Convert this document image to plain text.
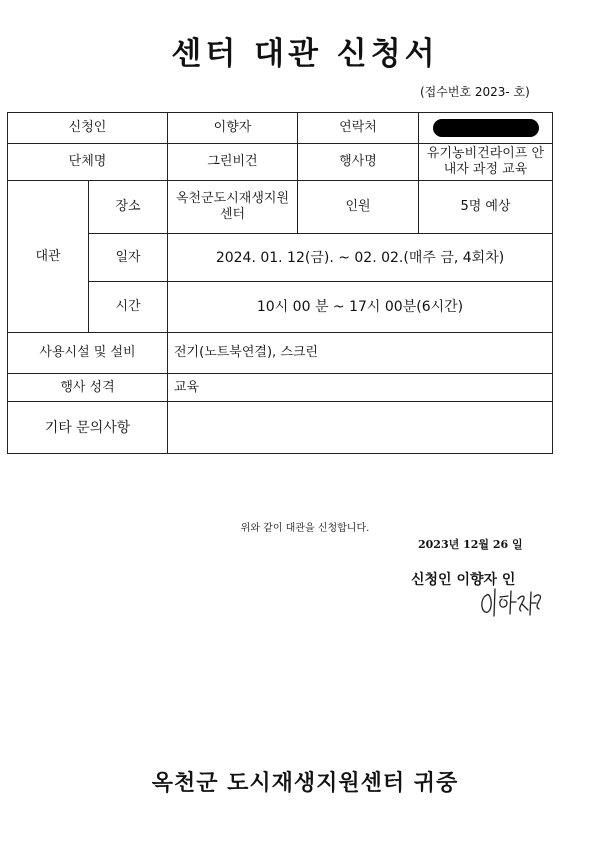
센터 대관 신청서
(접수번호 2023- 호)
신청인		이향자	연락처	
단체명		그린비건	행사명	유기농비건라이프 안내자 과정 교육
대관	장소	옥천군도시재생지원센터	인원	5명 예상
	일자	2024. 01. 12(금). ~ 02. 02.(매주 금, 4회차)		
	시간	10시 00 분 ~ 17시 00분(6시간)		
사용시설 및 설비		전기(노트북연결), 스크린		
행사 성격		교육		
기타 문의사항				
위와 같이 대관을 신청합니다.
2023년 12월 26 일
신청인 이향자 인
옥천군 도시재생지원센터 귀중
